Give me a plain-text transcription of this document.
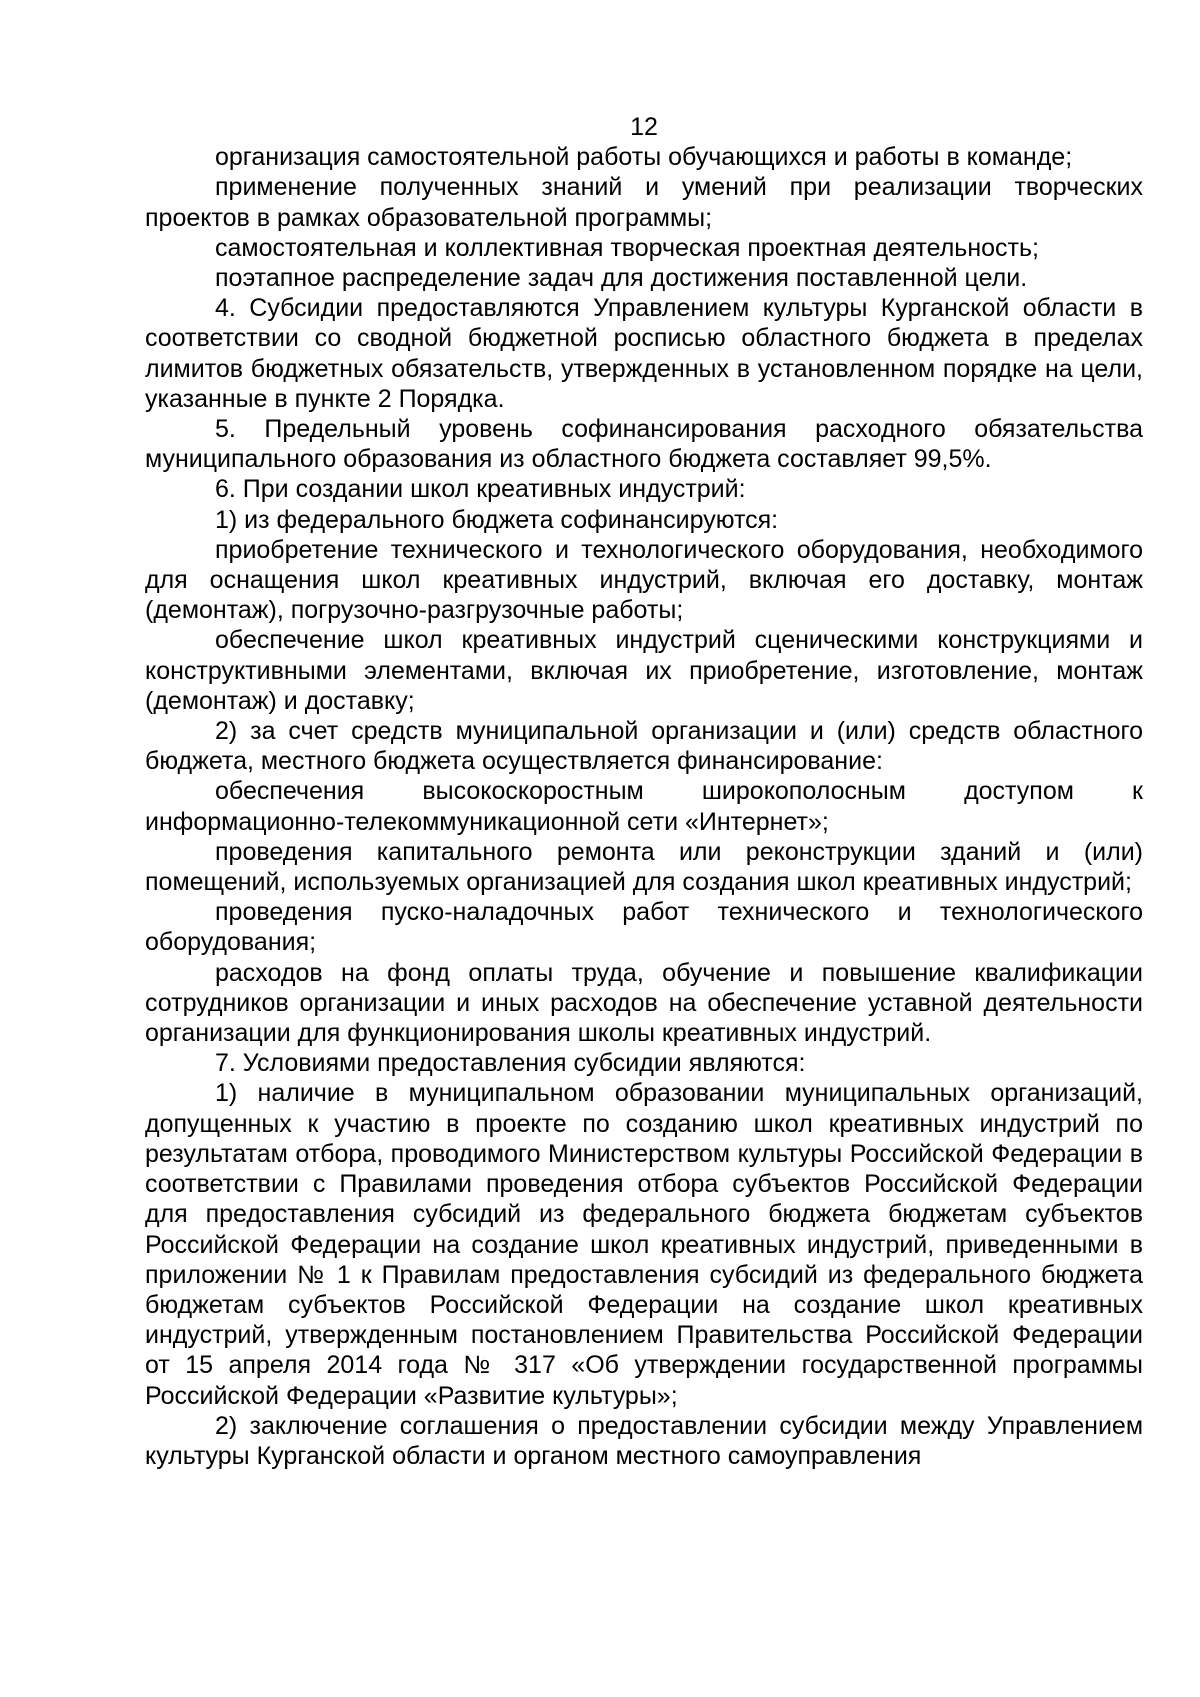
12

организация самостоятельной работы обучающихся и работы в команде;

применение полученных знаний и умений при реализации творческих проектов в рамках образовательной программы;

самостоятельная и коллективная творческая проектная деятельность;

поэтапное распределение задач для достижения поставленной цели.

4. Субсидии предоставляются Управлением культуры Курганской области в соответствии со сводной бюджетной росписью областного бюджета в пределах лимитов бюджетных обязательств, утвержденных в установленном порядке на цели, указанные в пункте 2 Порядка.

5. Предельный уровень софинансирования расходного обязательства муниципального образования из областного бюджета составляет 99,5%.

6. При создании школ креативных индустрий:

1) из федерального бюджета софинансируются:

приобретение технического и технологического оборудования, необходимого для оснащения школ креативных индустрий, включая его доставку, монтаж (демонтаж), погрузочно-разгрузочные работы;

обеспечение школ креативных индустрий сценическими конструкциями и конструктивными элементами, включая их приобретение, изготовление, монтаж (демонтаж) и доставку;

2) за счет средств муниципальной организации и (или) средств областного бюджета, местного бюджета осуществляется финансирование:

обеспечения высокоскоростным широкополосным доступом к информационно-телекоммуникационной сети «Интернет»;

проведения капитального ремонта или реконструкции зданий и (или) помещений, используемых организацией для создания школ креативных индустрий;

проведения пуско-наладочных работ технического и технологического оборудования;

расходов на фонд оплаты труда, обучение и повышение квалификации сотрудников организации и иных расходов на обеспечение уставной деятельности организации для функционирования школы креативных индустрий.

7. Условиями предоставления субсидии являются:

1) наличие в муниципальном образовании муниципальных организаций, допущенных к участию в проекте по созданию школ креативных индустрий по результатам отбора, проводимого Министерством культуры Российской Федерации в соответствии с Правилами проведения отбора субъектов Российской Федерации для предоставления субсидий из федерального бюджета бюджетам субъектов Российской Федерации на создание школ креативных индустрий, приведенными в приложении № 1 к Правилам предоставления субсидий из федерального бюджета бюджетам субъектов Российской Федерации на создание школ креативных индустрий, утвержденным постановлением Правительства Российской Федерации от 15 апреля 2014 года № 317 «Об утверждении государственной программы Российской Федерации «Развитие культуры»;

2) заключение соглашения о предоставлении субсидии между Управлением культуры Курганской области и органом местного самоуправления
